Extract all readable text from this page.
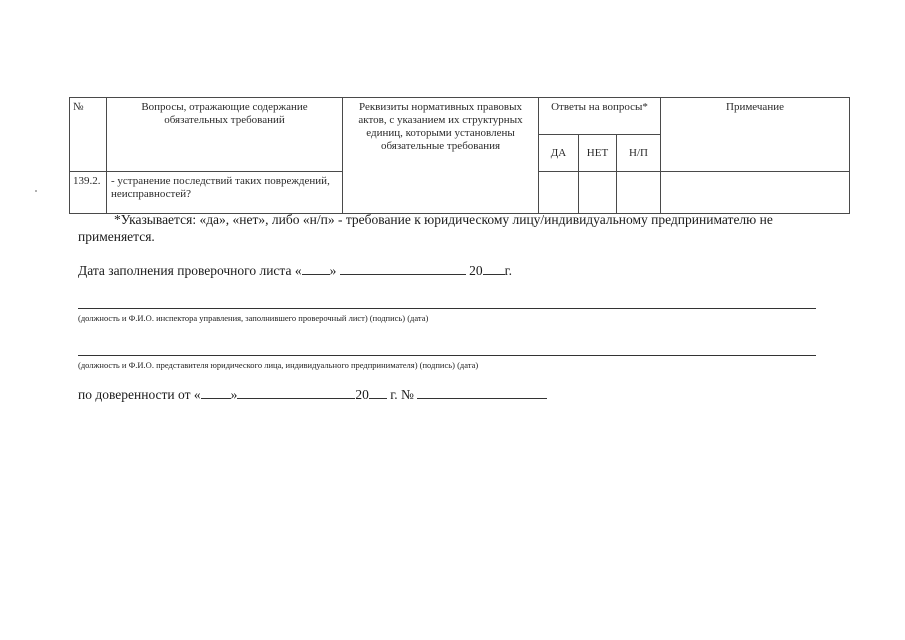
№	Вопросы, отражающие содержание обязательных требований	Реквизиты нормативных правовых актов, с указанием их структурных единиц, которыми установлены обязательные требования	Ответы на вопросы*			Примечание
			ДА	НЕТ	Н/П	
139.2.	- устранение последствий таких повреждений, неисправностей?					
*Указывается: «да», «нет», либо «н/п» - требование к юридическому лицу/индивидуальному предпринимателю не применяется.
Дата заполнения проверочного листа « »	20 г.
(должность и Ф.И.О. инспектора управления, заполнившего проверочный лист) (подпись) (дата)
(должность и Ф.И.О. представителя юридического лица, индивидуального предпринимателя) (подпись) (дата)
по доверенности от « »	20 г. №
